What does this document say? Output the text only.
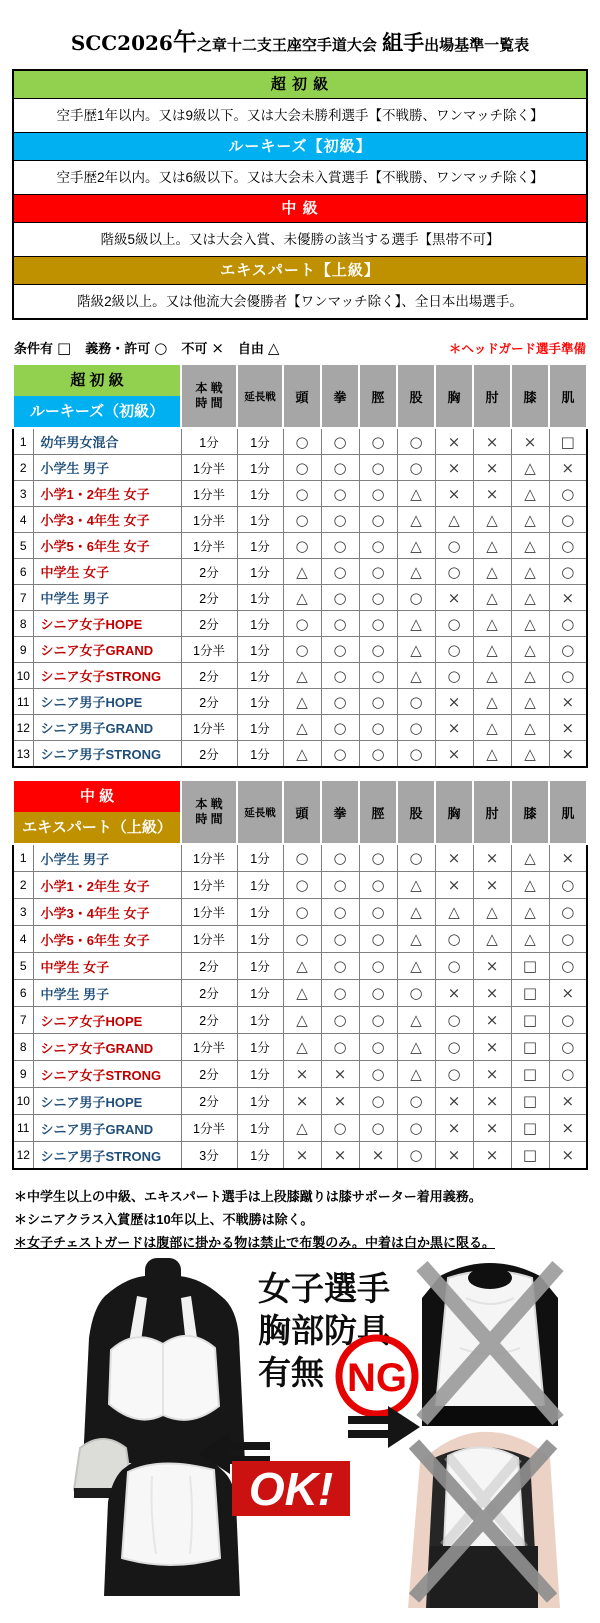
SCC2026午之章十二支王座空手道大会 組手出場基準一覧表
超 初 級
空手歴1年以内。又は9級以下。又は大会未勝利選手【不戦勝、ワンマッチ除く】
ルーキーズ【初級】
空手歴2年以内。又は6級以下。又は大会未入賞選手【不戦勝、ワンマッチ除く】
中 級
階級5級以上。又は大会入賞、未優勝の該当する選手【黒帯不可】
エキスパート【上級】
階級2級以上。又は他流大会優勝者【ワンマッチ除く】、全日本出場選手。
条件有 □ 義務・許可 ○ 不可 × 自由 △	＊ヘッドガード選手準備
超 初 級
ルーキーズ（初級）

本 戦
時 間	延長戦	頭	拳	脛	股	胸	肘	膝	肌
1	幼年男女混合	1分	1分	○	○	○	○	×	×	×	□
2	小学生 男子	1分半	1分	○	○	○	○	×	×	△	×
3	小学1・2年生 女子	1分半	1分	○	○	○	△	×	×	△	○
4	小学3・4年生 女子	1分半	1分	○	○	○	△	△	△	△	○
5	小学5・6年生 女子	1分半	1分	○	○	○	△	○	△	△	○
6	中学生 女子	2分	1分	△	○	○	△	○	△	△	○
7	中学生 男子	2分	1分	△	○	○	○	×	△	△	×
8	シニア女子HOPE	2分	1分	○	○	○	△	○	△	△	○
9	シニア女子GRAND	1分半	1分	○	○	○	△	○	△	△	○
10	シニア女子STRONG	2分	1分	△	○	○	△	○	△	△	○
11	シニア男子HOPE	2分	1分	△	○	○	○	×	△	△	×
12	シニア男子GRAND	1分半	1分	△	○	○	○	×	△	△	×
13	シニア男子STRONG	2分	1分	△	○	○	○	×	△	△	×
中 級
エキスパート（上級）

本 戦
時 間	延長戦	頭	拳	脛	股	胸	肘	膝	肌
1	小学生 男子	1分半	1分	○	○	○	○	×	×	△	×
2	小学1・2年生 女子	1分半	1分	○	○	○	△	×	×	△	○
3	小学3・4年生 女子	1分半	1分	○	○	○	△	△	△	△	○
4	小学5・6年生 女子	1分半	1分	○	○	○	△	○	△	△	○
5	中学生 女子	2分	1分	△	○	○	△	○	×	□	○
6	中学生 男子	2分	1分	△	○	○	○	×	×	□	×
7	シニア女子HOPE	2分	1分	△	○	○	△	○	×	□	○
8	シニア女子GRAND	1分半	1分	△	○	○	△	○	×	□	○
9	シニア女子STRONG	2分	1分	×	×	○	△	○	×	□	○
10	シニア男子HOPE	2分	1分	×	×	○	○	×	×	□	×
11	シニア男子GRAND	1分半	1分	△	○	○	○	×	×	□	×
12	シニア男子STRONG	3分	1分	×	×	×	○	×	×	□	×
＊中学生以上の中級、エキスパート選手は上段膝蹴りは膝サポーター着用義務。
＊シニアクラス入賞歴は10年以上、不戦勝は除く。
＊女子チェストガードは腹部に掛かる物は禁止で布製のみ。中着は白か黒に限る。
女子選手
胸部防具
有無 NG
OK!
